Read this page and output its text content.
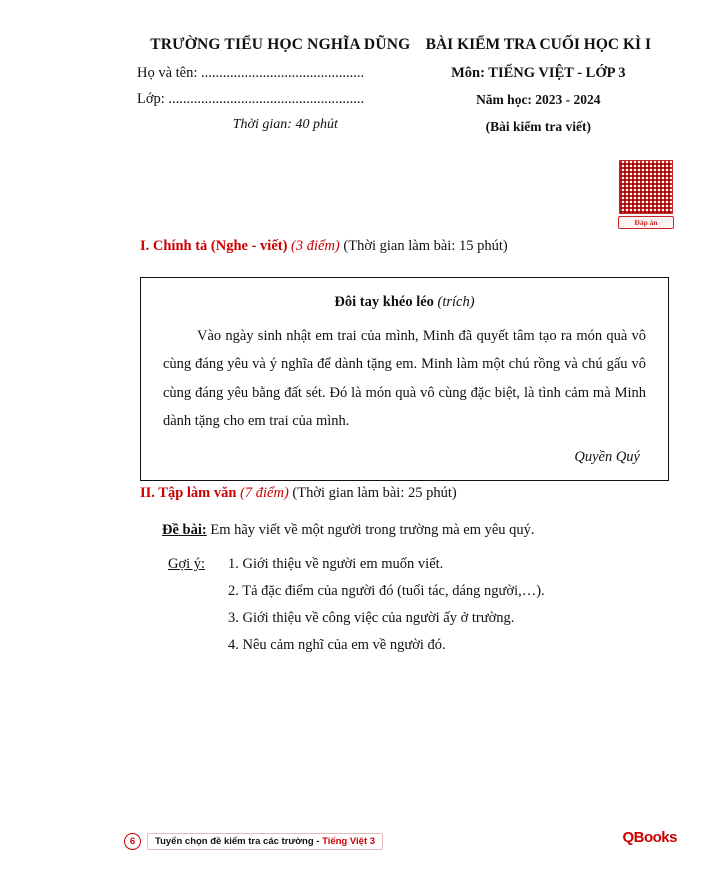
TRƯỜNG TIỂU HỌC NGHĨA DŨNG
Họ và tên: .............................................
Lớp: ......................................................
Thời gian: 40 phút
BÀI KIỂM TRA CUỐI HỌC KÌ I
Môn: TIẾNG VIỆT - LỚP 3
Năm học: 2023 - 2024
(Bài kiểm tra viết)
Đáp án
I. Chính tả (Nghe - viết) (3 điểm) (Thời gian làm bài: 15 phút)
Đôi tay khéo léo (trích)
Vào ngày sinh nhật em trai của mình, Minh đã quyết tâm tạo ra món quà vô cùng đáng yêu và ý nghĩa để dành tặng em. Minh làm một chú rồng và chú gấu vô cùng đáng yêu bằng đất sét. Đó là món quà vô cùng đặc biệt, là tình cảm mà Minh dành tặng cho em trai của mình.
Quyền Quý
II. Tập làm văn (7 điểm) (Thời gian làm bài: 25 phút)
Đề bài: Em hãy viết về một người trong trường mà em yêu quý.
Gợi ý:	1. Giới thiệu về người em muốn viết.
2. Tả đặc điểm của người đó (tuổi tác, dáng người,…).
3. Giới thiệu về công việc của người ấy ở trường.
4. Nêu cảm nghĩ của em về người đó.
6	Tuyển chọn đề kiểm tra các trường - Tiếng Việt 3	QBooks
